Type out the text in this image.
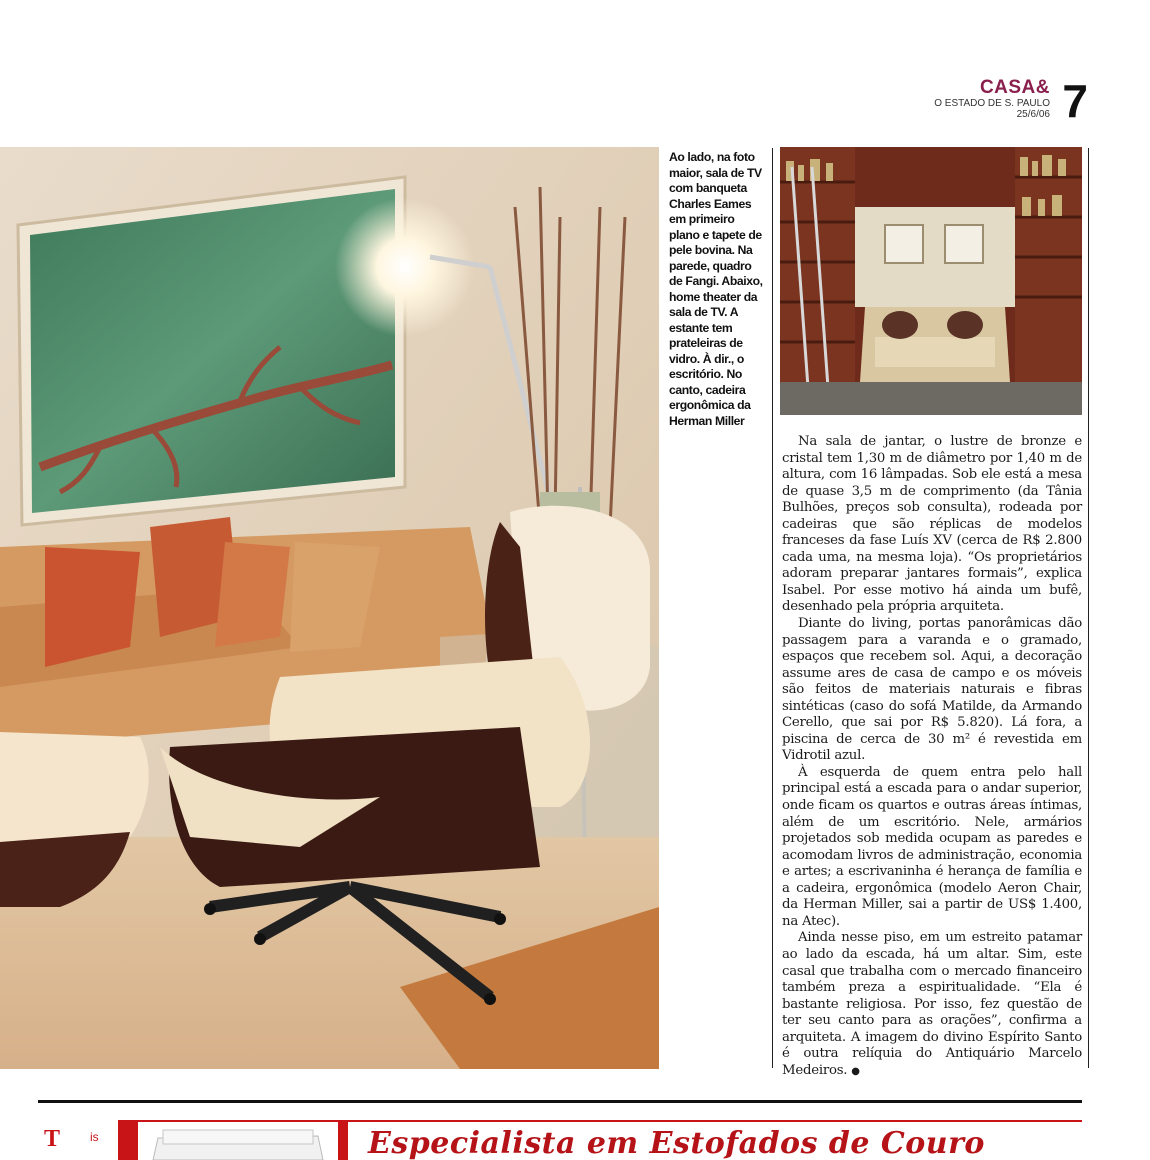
CASA&
O ESTADO DE S. PAULO
25/6/06 7
Ao lado, na foto maior, sala de TV com banqueta Charles Eames em primeiro plano e tapete de pele bovina. Na parede, quadro de Fangi. Abaixo, home theater da sala de TV. A estante tem prateleiras de vidro. À dir., o escritório. No canto, cadeira ergonômica da Herman Miller

Na sala de jantar, o lustre de bronze e cristal tem 1,30 m de diâmetro por 1,40 m de altura, com 16 lâmpadas. Sob ele está a mesa de quase 3,5 m de comprimento (da Tânia Bulhões, preços sob consulta), rodeada por cadeiras que são réplicas de modelos franceses da fase Luís XV (cerca de R$ 2.800 cada uma, na mesma loja). “Os proprietários adoram preparar jantares formais”, explica Isabel. Por esse motivo há ainda um bufê, desenhado pela própria arquiteta.

Diante do living, portas panorâmicas dão passagem para a varanda e o gramado, espaços que recebem sol. Aqui, a decoração assume ares de casa de campo e os móveis são feitos de materiais naturais e fibras sintéticas (caso do sofá Matilde, da Armando Cerello, que sai por R$ 5.820). Lá fora, a piscina de cerca de 30 m² é revestida em Vidrotil azul.

À esquerda de quem entra pelo hall principal está a escada para o andar superior, onde ficam os quartos e outras áreas íntimas, além de um escritório. Nele, armários projetados sob medida ocupam as paredes e acomodam livros de administração, economia e artes; a escrivaninha é herança de família e a cadeira, ergonômica (modelo Aeron Chair, da Herman Miller, sai a partir de US$ 1.400, na Atec).

Ainda nesse piso, em um estreito patamar ao lado da escada, há um altar. Sim, este casal que trabalha com o mercado financeiro também preza a espiritualidade. “Ela é bastante religiosa. Por isso, fez questão de ter seu canto para as orações”, confirma a arquiteta. A imagem do divino Espírito Santo é outra relíquia do Antiquário Marcelo Medeiros. ●

T is	Especialista em Estofados de Couro
